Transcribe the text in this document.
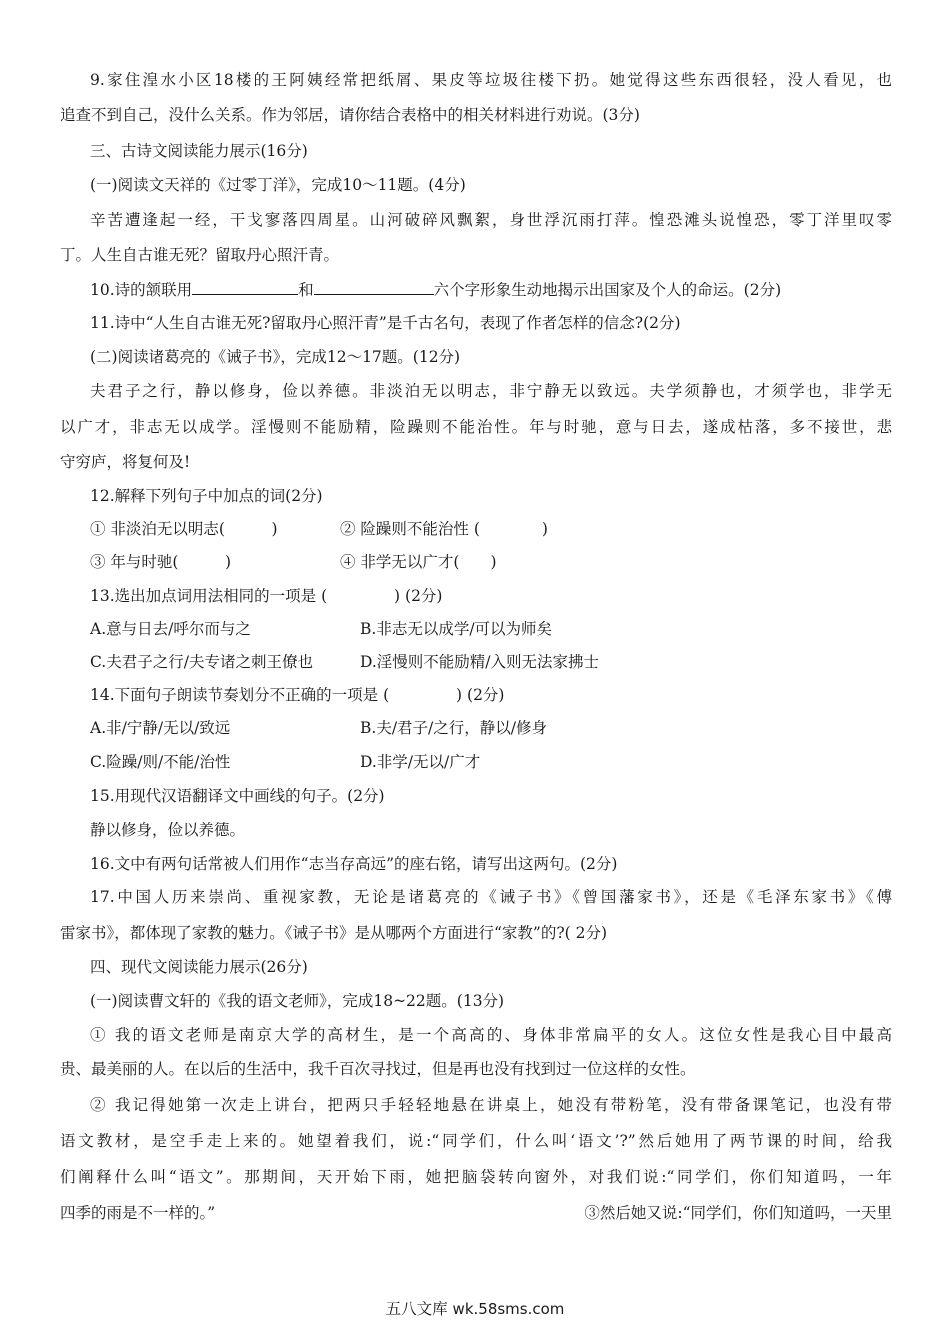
9.家住湟水小区18楼的王阿姨经常把纸屑、果皮等垃圾往楼下扔。她觉得这些东西很轻，没人看见，也
追查不到自己，没什么关系。作为邻居，请你结合表格中的相关材料进行劝说。(3分)
三、古诗文阅读能力展示(16分)
(一)阅读文天祥的《过零丁洋》，完成10～11题。(4分)
辛苦遭逢起一经，干戈寥落四周星。山河破碎风飘絮，身世浮沉雨打萍。惶恐滩头说惶恐，零丁洋里叹零
丁。人生自古谁无死？留取丹心照汗青。
10.诗的颔联用	和	六个字形象生动地揭示出国家及个人的命运。(2分)
11.诗中“人生自古谁无死?留取丹心照汗青”是千古名句，表现了作者怎样的信念?(2分)
(二)阅读诸葛亮的《诫子书》，完成12～17题。(12分)
夫君子之行，静以修身，俭以养德。非淡泊无以明志，非宁静无以致远。夫学须静也，才须学也，非学无
以广才，非志无以成学。淫慢则不能励精，险躁则不能治性。年与时驰，意与日去，遂成枯落，多不接世，悲
守穷庐，将复何及!
12.解释下列句子中加点的词(2分)
① 非淡泊无以明志(　　　)	② 险躁则不能治性 (　　　　)
③ 年与时驰(　　　)	④ 非学无以广才(　　)
13.选出加点词用法相同的一项是 (　　　　 ) (2分)
A.意与日去/呼尔而与之	B.非志无以成学/可以为师矣
C.夫君子之行/夫专诸之刺王僚也	D.淫慢则不能励精/入则无法家拂士
14.下面句子朗读节奏划分不正确的一项是 (　　　　 ) (2分)
A.非/宁静/无以/致远	B.夫/君子/之行，静以/修身
C.险躁/则/不能/治性	D.非学/无以/广才
15.用现代汉语翻译文中画线的句子。(2分)
静以修身，俭以养德。
16.文中有两句话常被人们用作“志当存高远”的座右铭，请写出这两句。(2分)
17.中国人历来崇尚、重视家教，无论是诸葛亮的《诫子书》《曾国藩家书》，还是《毛泽东家书》《傅
雷家书》，都体现了家教的魅力。《诫子书》是从哪两个方面进行“家教”的?( 2分)
四、现代文阅读能力展示(26分)
(一)阅读曹文轩的《我的语文老师》，完成18~22题。(13分)
① 我的语文老师是南京大学的高材生，是一个高高的、身体非常扁平的女人。这位女性是我心目中最高
贵、最美丽的人。在以后的生活中，我千百次寻找过，但是再也没有找到过一位这样的女性。
② 我记得她第一次走上讲台，把两只手轻轻地悬在讲桌上，她没有带粉笔，没有带备课笔记，也没有带
语文教材，是空手走上来的。她望着我们，说:“同学们，什么叫‘语文’?”然后她用了两节课的时间，给我
们阐释什么叫“语文”。那期间，天开始下雨，她把脑袋转向窗外，对我们说:“同学们，你们知道吗，一年
四季的雨是不一样的。”	③然后她又说:“同学们，你们知道吗，一天里
五八文库 wk.58sms.com
